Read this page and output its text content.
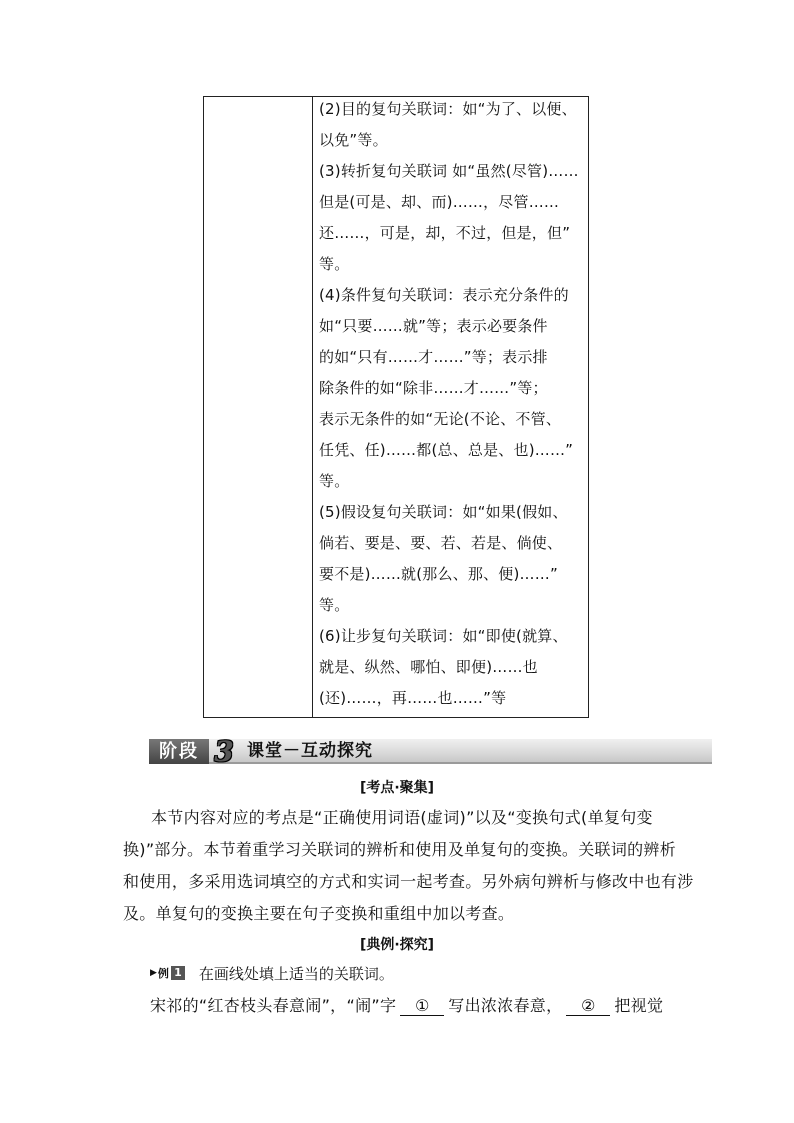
(2)目的复句关联词：如“为了、以便、
以免”等。
(3)转折复句关联词 如“虽然(尽管)……
但是(可是、却、而)……，尽管……
还……，可是，却，不过，但是，但”
等。
(4)条件复句关联词：表示充分条件的
如“只要……就”等；表示必要条件
的如“只有……才……”等；表示排
除条件的如“除非……才……”等；
表示无条件的如“无论(不论、不管、
任凭、任)……都(总、总是、也)……”
等。
(5)假设复句关联词：如“如果(假如、
倘若、要是、要、若、若是、倘使、
要不是)……就(那么、那、便)……”
等。
(6)让步复句关联词：如“即使(就算、
就是、纵然、哪怕、即便)……也
(还)……，再……也……”等
阶段 3 课堂－互动探究
[考点·聚集]
本节内容对应的考点是“正确使用词语(虚词)”以及“变换句式(单复句变
换)”部分。本节着重学习关联词的辨析和使用及单复句的变换。关联词的辨析
和使用，多采用选词填空的方式和实词一起考查。另外病句辨析与修改中也有涉
及。单复句的变换主要在句子变换和重组中加以考查。
[典例·探究]
▶ 例 1 在画线处填上适当的关联词。
宋祁的“红杏枝头春意闹”，“闹”字 ① 写出浓浓春意， ② 把视觉
